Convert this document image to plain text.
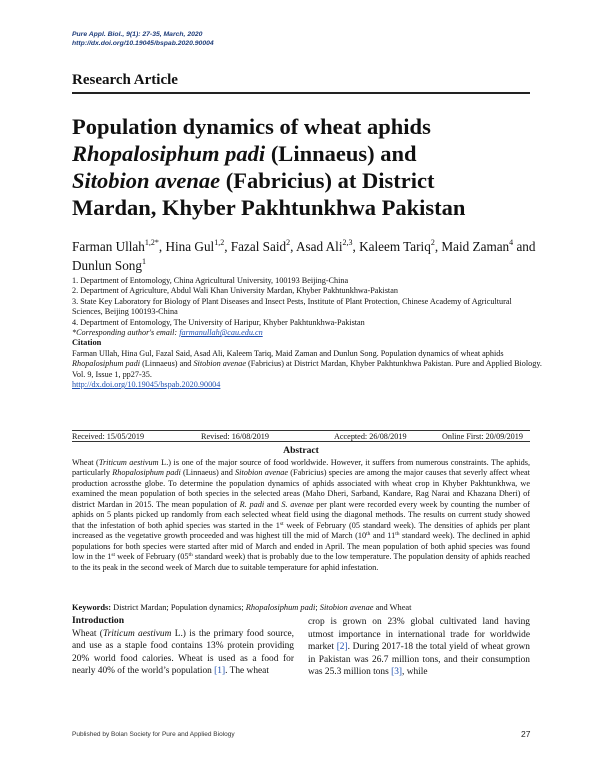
Pure Appl. Biol., 9(1): 27-35, March, 2020
http://dx.doi.org/10.19045/bspab.2020.90004
Research Article
Population dynamics of wheat aphids
Rhopalosiphum padi (Linnaeus) and
Sitobion avenae (Fabricius) at District
Mardan, Khyber Pakhtunkhwa Pakistan
Farman Ullah$^{1,2*}$, Hina Gul$^{1,2}$, Fazal Said$^2$, Asad Ali$^{2,3}$, Kaleem Tariq$^2$, Maid Zaman$^4$ and Dunlun Song$^1$
1. Department of Entomology, China Agricultural University, 100193 Beijing-China
2. Department of Agriculture, Abdul Wali Khan University Mardan, Khyber Pakhtunkhwa-Pakistan
3. State Key Laboratory for Biology of Plant Diseases and Insect Pests, Institute of Plant Protection, Chinese Academy of Agricultural Sciences, Beijing 100193-China
4. Department of Entomology, The University of Haripur, Khyber Pakhtunkhwa-Pakistan
*Corresponding author's email: farmanullah@cau.edu.cn
Citation
Farman Ullah, Hina Gul, Fazal Said, Asad Ali, Kaleem Tariq, Maid Zaman and Dunlun Song. Population dynamics of wheat aphids Rhopalosiphum padi (Linnaeus) and Sitobion avenae (Fabricius) at District Mardan, Khyber Pakhtunkhwa Pakistan. Pure and Applied Biology. Vol. 9, Issue 1, pp27-35.
http://dx.doi.org/10.19045/bspab.2020.90004
Received: 15/05/2019	Revised: 16/08/2019	Accepted: 26/08/2019	Online First: 20/09/2019
Abstract
Wheat (Triticum aestivum L.) is one of the major source of food worldwide. However, it suffers from numerous constraints. The aphids, particularly Rhopalosiphum padi (Linnaeus) and Sitobion avenae (Fabricius) species are among the major causes that severly affect wheat production acrossthe globe. To determine the population dynamics of aphids associated with wheat crop in Khyber Pakhtunkhwa, we examined the mean population of both species in the selected areas (Maho Dheri, Sarband, Kandare, Rag Narai and Khazana Dheri) of district Mardan in 2015. The mean population of R. padi and S. avenae per plant were recorded every week by counting the number of aphids on 5 plants picked up randomly from each selected wheat field using the diagonal methods. The results on current study showed that the infestation of both aphid species was started in the 1st week of February (05 standard week). The densities of aphids per plant increased as the vegetative growth proceeded and was highest till the mid of March (10th and 11th standard week). The declined in aphid populations for both species were started after mid of March and ended in April. The mean population of both aphid species was found low in the 1st week of February (05th standard week) that is probably due to the low temperature. The population density of aphids reached to the its peak in the second week of March due to suitable temperature for aphid infestation.
Keywords: District Mardan; Population dynamics; Rhopalosiphum padi; Sitobion avenae and Wheat
Introduction
Wheat (Triticum aestivum L.) is the primary food source, and use as a staple food contains 13% protein providing 20% world food calories. Wheat is used as a food for nearly 40% of the world’s population [1]. The wheat
crop is grown on 23% global cultivated land having utmost importance in international trade for worldwide market [2]. During 2017-18 the total yield of wheat grown in Pakistan was 26.7 million tons, and their consumption was 25.3 million tons [3], while
Published by Bolan Society for Pure and Applied Biology	27
